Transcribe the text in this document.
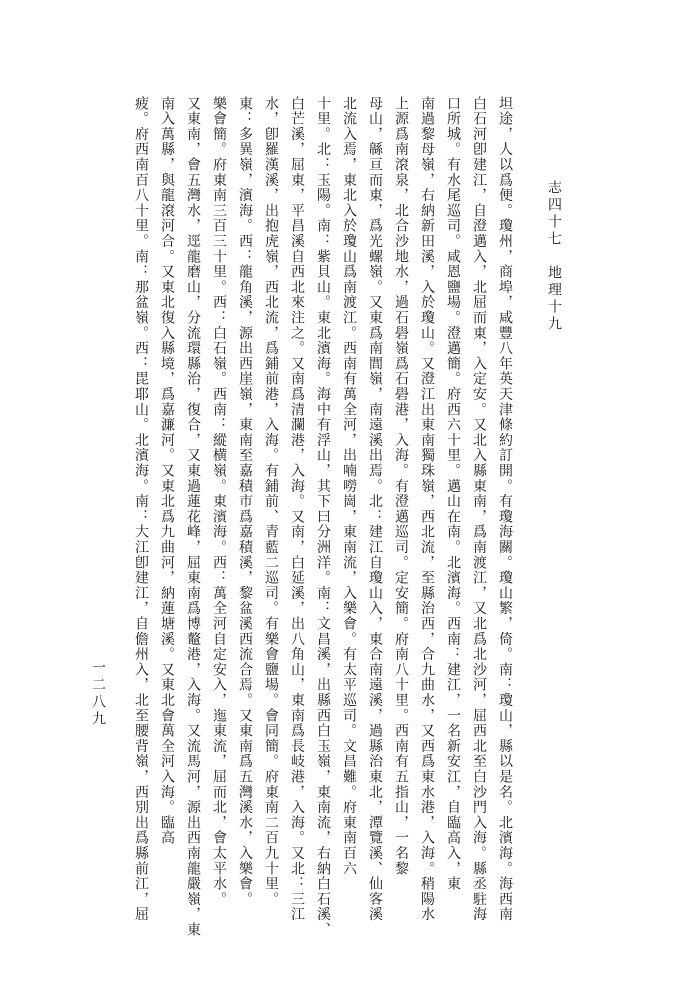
一二八九 疲。府西南百八十里。南：那盆嶺。西：毘耶山。北濱海。南：大江卽建江，自儋州入，北至腰背嶺，西別出爲縣前江，屈 南入萬縣，與龍滾河合。又東北復入縣境，爲嘉濂河。又東北爲九曲河，納蓮塘溪。又東北會萬全河入海。臨高 又東南，會五灣水，逕龍磨山，分流環縣治，復合，又東過蓮花峰，屈東南爲博鼇港，入海。又流馬河，源出西南龍嚴嶺，東 樂會簡。府東南三百三十里。西：白石嶺。西南：縱横嶺。東濱海。西：萬全河自定安入，迤東流，屈而北，會太平水。 東：多異嶺，濱海。西：龍角溪，源出西崖嶺，東南至嘉積市爲嘉積溪，黎盆溪西流合焉。又東南爲五灣溪水，入樂會。 水，卽羅漢溪，出抱虎嶺，西北流，爲鋪前港，入海。有鋪前、青藍二巡司。有樂會鹽場。會同簡。府東南二百九十里。 白芒溪，屈東，平昌溪自西北來注之。又南爲清瀾港，入海。又南，白延溪，出八角山，東南爲長岐港，入海。又北：三江 十里。北：玉陽。南：紫貝山。東北濱海。海中有浮山，其下曰分洲洋。南：文昌溪，出縣西白玉嶺，東南流，右納白石溪、 北流入焉，東北入於瓊山爲南渡江。西南有萬全河，出喃嘮崗，東南流，入樂會。有太平巡司。文昌難。府東南百六 母山，緜亘而東，爲光螺嶺。又東爲南閭嶺，南遠溪出焉。北：建江自瓊山入，東合南遠溪，過縣治東北，潭覽溪、仙客溪 上源爲南滾泉，北合沙地水，過石礐嶺爲石礐港，入海。有澄邁巡司。定安簡。府南八十里。西南有五指山，一名黎 南過黎母嶺，右納新田溪，入於瓊山。又澄江出東南獨珠嶺，西北流，至縣治西，合九曲水，又西爲東水港，入海。稍陽水 口所城。有水尾巡司。咸恩鹽場。澄邁簡。府西六十里。邁山在南。北濱海。西南：建江，一名新安江，自臨高入，東 白石河卽建江，自澄邁入，北屈而東，入定安。又北入縣東南，爲南渡江，又北爲北沙河，屈西北至白沙門入海。縣丞駐海 坦途，人以爲便。瓊州，商埠，咸豐八年英天津條約訂開。有瓊海關。瓊山繁，倚。南：瓊山，縣以是名。北濱海。海西南 志四十七　地理十九
